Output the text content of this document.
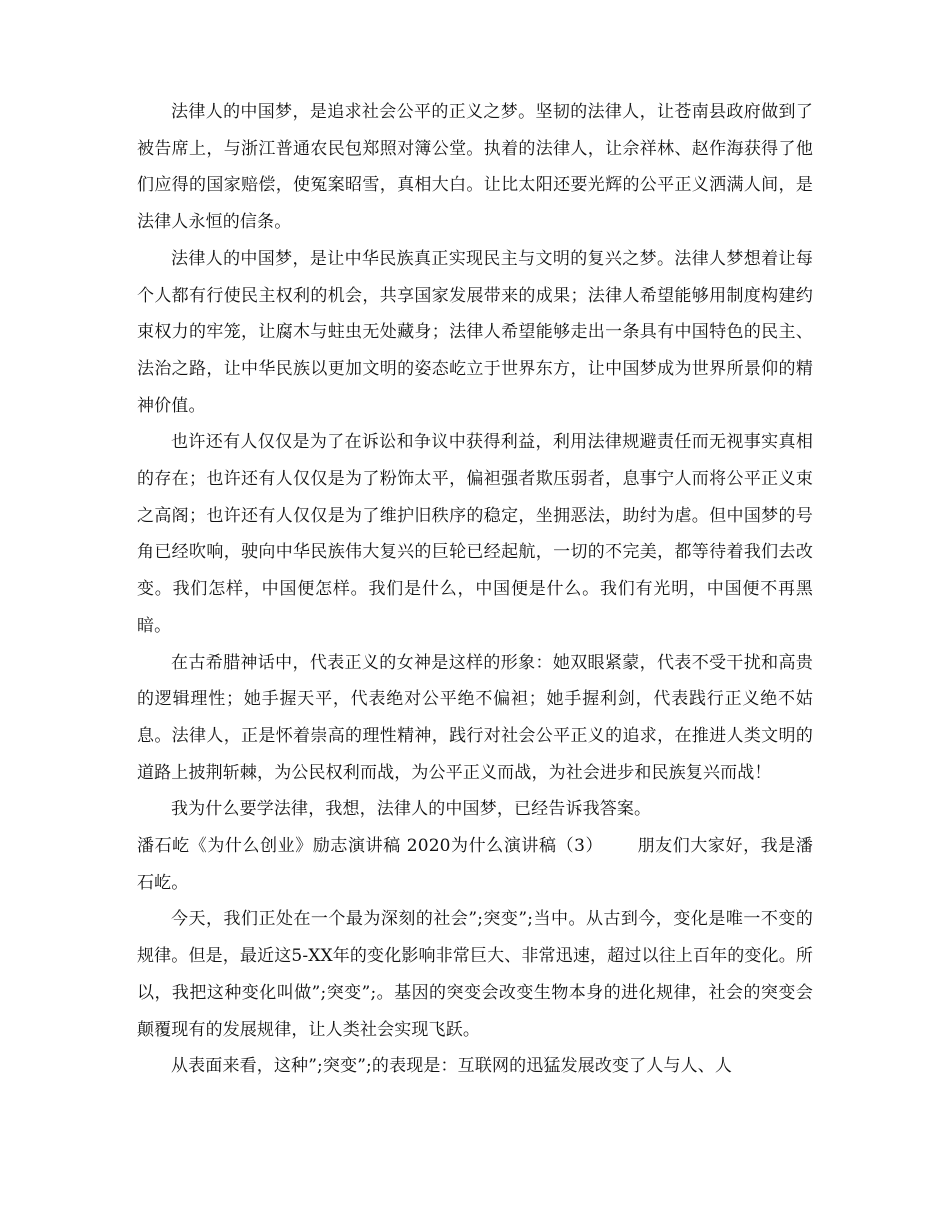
法律人的中国梦，是追求社会公平的正义之梦。坚韧的法律人，让苍南县政府做到了被告席上，与浙江普通农民包郑照对簿公堂。执着的法律人，让佘祥林、赵作海获得了他们应得的国家赔偿，使冤案昭雪，真相大白。让比太阳还要光辉的公平正义洒满人间，是法律人永恒的信条。

法律人的中国梦，是让中华民族真正实现民主与文明的复兴之梦。法律人梦想着让每个人都有行使民主权利的机会，共享国家发展带来的成果；法律人希望能够用制度构建约束权力的牢笼，让腐木与蛀虫无处藏身；法律人希望能够走出一条具有中国特色的民主、法治之路，让中华民族以更加文明的姿态屹立于世界东方，让中国梦成为世界所景仰的精神价值。

也许还有人仅仅是为了在诉讼和争议中获得利益，利用法律规避责任而无视事实真相的存在；也许还有人仅仅是为了粉饰太平，偏袒强者欺压弱者，息事宁人而将公平正义束之高阁；也许还有人仅仅是为了维护旧秩序的稳定，坐拥恶法，助纣为虐。但中国梦的号角已经吹响，驶向中华民族伟大复兴的巨轮已经起航，一切的不完美，都等待着我们去改变。我们怎样，中国便怎样。我们是什么，中国便是什么。我们有光明，中国便不再黑暗。

在古希腊神话中，代表正义的女神是这样的形象：她双眼紧蒙，代表不受干扰和高贵的逻辑理性；她手握天平，代表绝对公平绝不偏袒；她手握利剑，代表践行正义绝不姑息。法律人，正是怀着崇高的理性精神，践行对社会公平正义的追求，在推进人类文明的道路上披荆斩棘，为公民权利而战，为公平正义而战，为社会进步和民族复兴而战！

我为什么要学法律，我想，法律人的中国梦，已经告诉我答案。

潘石屹《为什么创业》励志演讲稿 2020为什么演讲稿（3） 朋友们大家好，我是潘石屹。

今天，我们正处在一个最为深刻的社会”;突变”;当中。从古到今，变化是唯一不变的规律。但是，最近这5-XX年的变化影响非常巨大、非常迅速，超过以往上百年的变化。所以，我把这种变化叫做”;突变”;。基因的突变会改变生物本身的进化规律，社会的突变会颠覆现有的发展规律，让人类社会实现飞跃。

从表面来看，这种”;突变”;的表现是：互联网的迅猛发展改变了人与人、人
